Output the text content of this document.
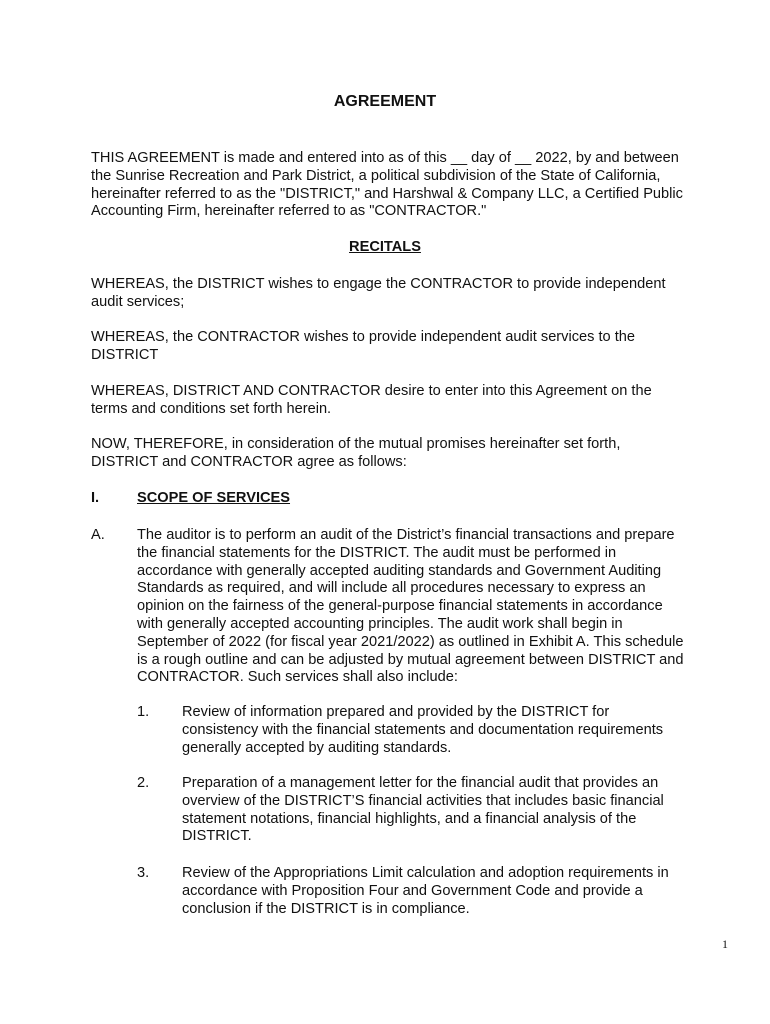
AGREEMENT
THIS AGREEMENT is made and entered into as of this __ day of __ 2022, by and between the Sunrise Recreation and Park District, a political subdivision of the State of California, hereinafter referred to as the "DISTRICT," and Harshwal & Company LLC, a Certified Public Accounting Firm, hereinafter referred to as "CONTRACTOR."
RECITALS
WHEREAS, the DISTRICT wishes to engage the CONTRACTOR to provide independent audit services;
WHEREAS, the CONTRACTOR wishes to provide independent audit services to the DISTRICT
WHEREAS, DISTRICT AND CONTRACTOR desire to enter into this Agreement on the terms and conditions set forth herein.
NOW, THEREFORE, in consideration of the mutual promises hereinafter set forth, DISTRICT and CONTRACTOR agree as follows:
I.	SCOPE OF SERVICES
A. The auditor is to perform an audit of the District’s financial transactions and prepare the financial statements for the DISTRICT. The audit must be performed in accordance with generally accepted auditing standards and Government Auditing Standards as required, and will include all procedures necessary to express an opinion on the fairness of the general-purpose financial statements in accordance with generally accepted accounting principles. The audit work shall begin in September of 2022 (for fiscal year 2021/2022) as outlined in Exhibit A. This schedule is a rough outline and can be adjusted by mutual agreement between DISTRICT and CONTRACTOR. Such services shall also include:
1. Review of information prepared and provided by the DISTRICT for consistency with the financial statements and documentation requirements generally accepted by auditing standards.
2. Preparation of a management letter for the financial audit that provides an overview of the DISTRICT’S financial activities that includes basic financial statement notations, financial highlights, and a financial analysis of the DISTRICT.
3. Review of the Appropriations Limit calculation and adoption requirements in accordance with Proposition Four and Government Code and provide a conclusion if the DISTRICT is in compliance.
1
